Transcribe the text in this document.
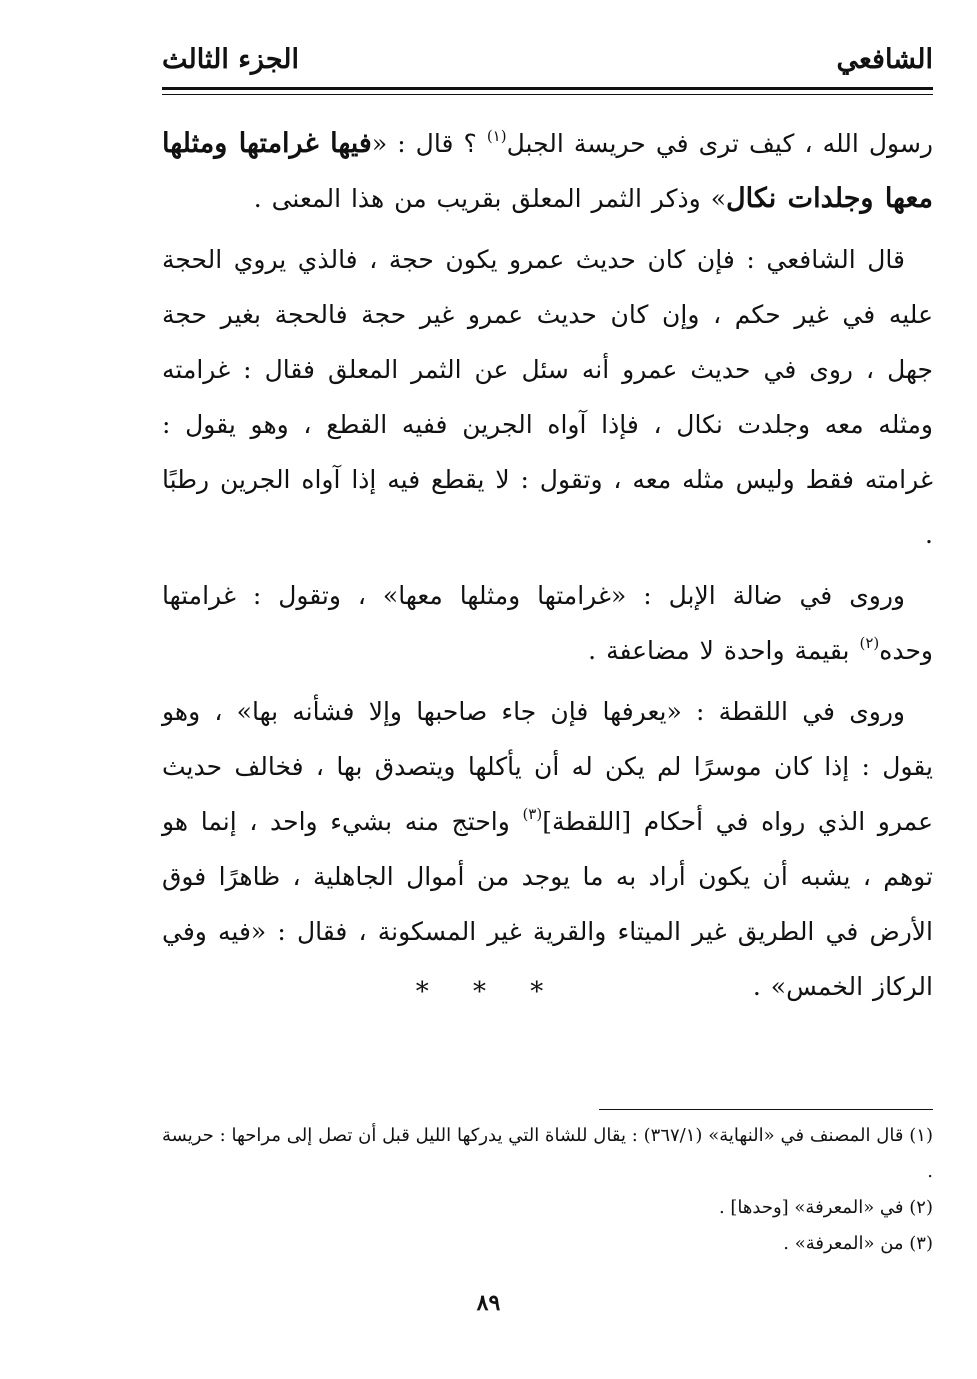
الشافعي
الجزء الثالث

رسول الله ، كيف ترى في حريسة الجبل$^{(١)}$ ؟ قال : «فيها غرامتها ومثلها معها وجلدات نكال» وذكر الثمر المعلق بقريب من هذا المعنى .

قال الشافعي : فإن كان حديث عمرو يكون حجة ، فالذي يروي الحجة عليه في غير حكم ، وإن كان حديث عمرو غير حجة فالحجة بغير حجة جهل ، روى في حديث عمرو أنه سئل عن الثمر المعلق فقال : غرامته ومثله معه وجلدت نكال ، فإذا آواه الجرين ففيه القطع ، وهو يقول : غرامته فقط وليس مثله معه ، وتقول : لا يقطع فيه إذا آواه الجرين رطبًا .

وروى في ضالة الإبل : «غرامتها ومثلها معها» ، وتقول : غرامتها وحده$^{(٢)}$ بقيمة واحدة لا مضاعفة .

وروى في اللقطة : «يعرفها فإن جاء صاحبها وإلا فشأنه بها» ، وهو يقول : إذا كان موسرًا لم يكن له أن يأكلها ويتصدق بها ، فخالف حديث عمرو الذي رواه في أحكام [اللقطة]$^{(٣)}$ واحتج منه بشيء واحد ، إنما هو توهم ، يشبه أن يكون أراد به ما يوجد من أموال الجاهلية ، ظاهرًا فوق الأرض في الطريق غير الميتاء والقرية غير المسكونة ، فقال : «فيه وفي الركاز الخمس» .

* * *

(١) قال المصنف في «النهاية» (٣٦٧/١) : يقال للشاة التي يدركها الليل قبل أن تصل إلى مراحها : حريسة .

(٢) في «المعرفة» [وحدها] .

(٣) من «المعرفة» .

٨٩
